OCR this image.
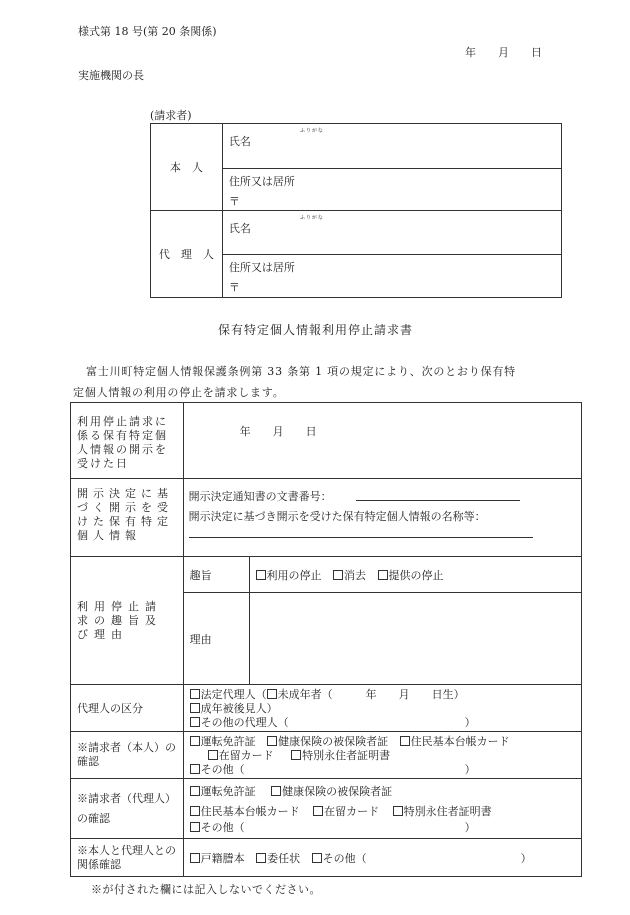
様式第 18 号(第 20 条関係)
年　　月　　日
実施機関の長
(請求者)
本　人	ふりがな
氏名

	住所又は居所
〒

代　理　人	ふりがな
氏名

	住所又は居所
〒
保有特定個人情報利用停止請求書
富士川町特定個人情報保護条例第 33 条第 1 項の規定により、次のとおり保有特
定個人情報の利用の停止を請求します。
利用停止請求に係る保有特定個人情報の開示を受けた日	年　　月　　日	

開示決定に基づく開示を受けた保有特定個人情報	開示決定通知書の文書番号：
開示決定に基づき開示を受けた保有特定個人情報の名称等：	

利用停止請求の趣旨及び理由	趣旨	利用の停止 消去 提供の停止
	理由	
代理人の区分	法定代理人（ 未成年者（　　　年　　月　　日生）
成年被後見人）
その他の代理人（　　　　　　　　　　　　　　　　）	

※請求者（本人）の確認	運転免許証 健康保険の被保険者証 住民基本台帳カード
在留カード 特別永住者証明書
その他（　　　　　　　　　　　　　　　　　　　　）	

※請求者（代理人）の確認	運転免許証 健康保険の被保険者証
住民基本台帳カード 在留カード 特別永住者証明書
その他（　　　　　　　　　　　　　　　　　　　　）	

※本人と代理人との関係確認	戸籍謄本 委任状 その他（　　　　　　　　　　　　　　）	
※が付された欄には記入しないでください。
